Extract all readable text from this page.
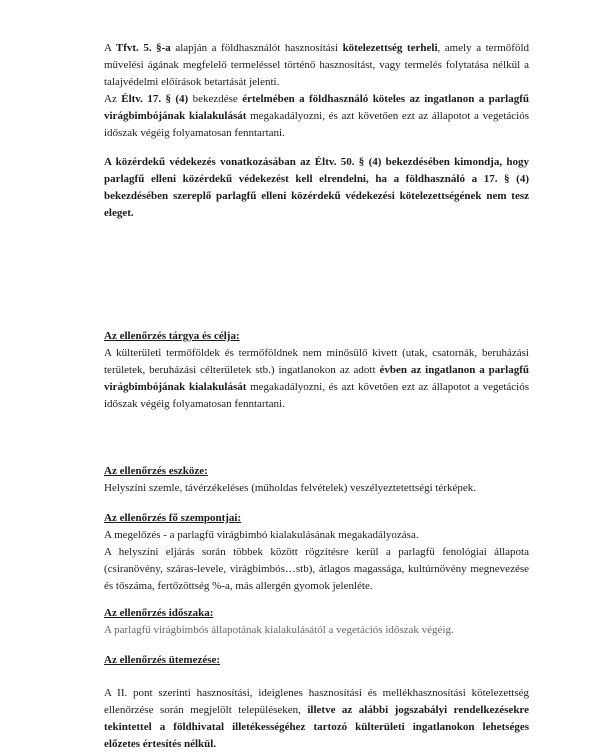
A Tfvt. 5. §-a alapján a földhasználót hasznosítási kötelezettség terheli, amely a termőföld művelési ágának megfelelő termeléssel történő hasznosítást, vagy termelés folytatása nélkül a talajvédelmi előírások betartását jelenti.

Az Éltv. 17. § (4) bekezdése értelmében a földhasználó köteles az ingatlanon a parlagfű virágbimbójának kialakulását megakadályozni, és azt követően ezt az állapotot a vegetációs időszak végéig folyamatosan fenntartani.

A közérdekű védekezés vonatkozásában az Éltv. 50. § (4) bekezdésében kimondja, hogy parlagfű elleni közérdekű védekezést kell elrendelni, ha a földhasználó a 17. § (4) bekezdésében szereplő parlagfű elleni közérdekű védekezési kötelezettségének nem tesz eleget.

Az ellenőrzés tárgya és célja:

A külterületi termőföldek és termőföldnek nem minősülő kivett (utak, csatornák, beruházási területek, beruházási célterületek stb.) ingatlanokon az adott évben az ingatlanon a parlagfű virágbimbójának kialakulását megakadályozni, és azt követően ezt az állapotot a vegetációs időszak végéig folyamatosan fenntartani.

Az ellenőrzés eszköze:

Helyszíni szemle, távérzékeléses (műholdas felvételek) veszélyeztetettségi térképek.

Az ellenőrzés fő szempontjai:

A megelőzés - a parlagfű virágbimbó kialakulásának megakadályozása.

A helyszíni eljárás során többek között rögzítésre kerül a parlagfű fenológiai állapota (csiranövény, száras-levele, virágbimbós…stb), átlagos magassága, kultúrnövény megnevezése és tőszáma, fertőzöttség %-a, más allergén gyomok jelenléte.

Az ellenőrzés időszaka:

A parlagfű virágbimbós állapotának kialakulásától a vegetációs időszak végéig.

Az ellenőrzés ütemezése:

A II. pont szerinti hasznosítási, ideiglenes hasznosítási és mellékhasznosítási kötelezettség ellenőrzése során megjelölt településeken, illetve az alábbi jogszabályi rendelkezésekre tekintettel a földhivatal illetékességéhez tartozó külterületi ingatlanokon lehetséges előzetes értesítés nélkül.
